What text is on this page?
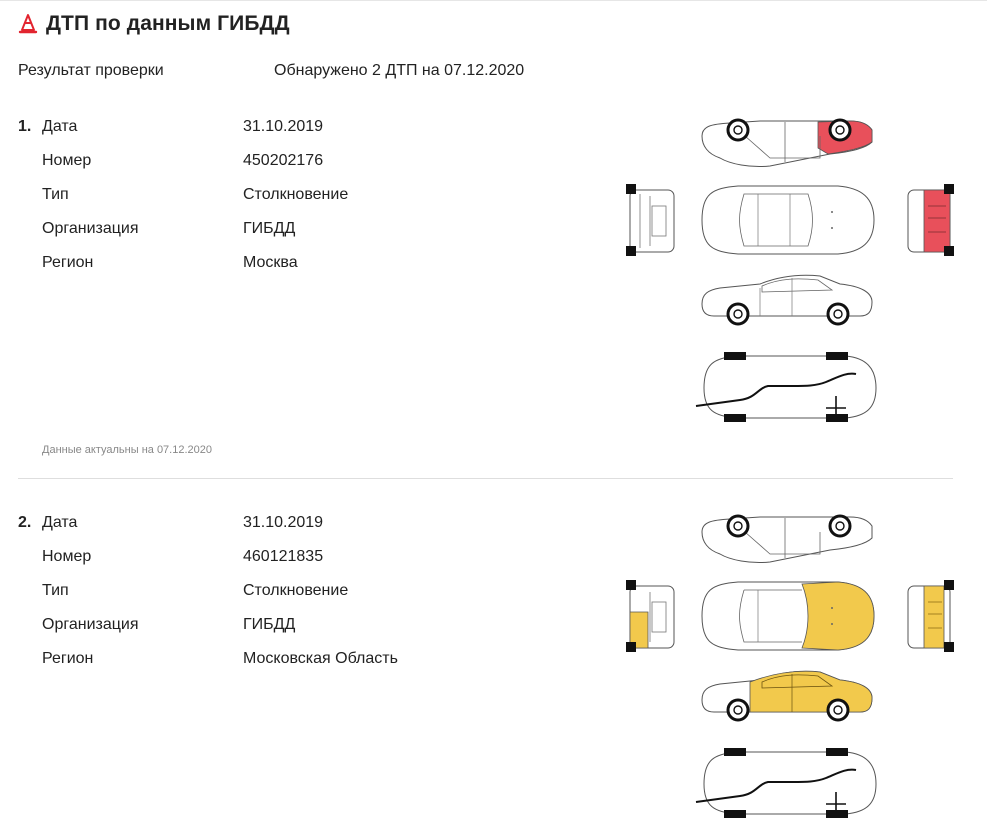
ДТП по данным ГИБДД
Результат проверки	Обнаружено 2 ДТП на 07.12.2020
1. Дата	31.10.2019
Номер	450202176
Тип	Столкновение
Организация	ГИБДД
Регион	Москва
Данные актуальны на 07.12.2020
2. Дата	31.10.2019
Номер	460121835
Тип	Столкновение
Организация	ГИБДД
Регион	Московская Область
